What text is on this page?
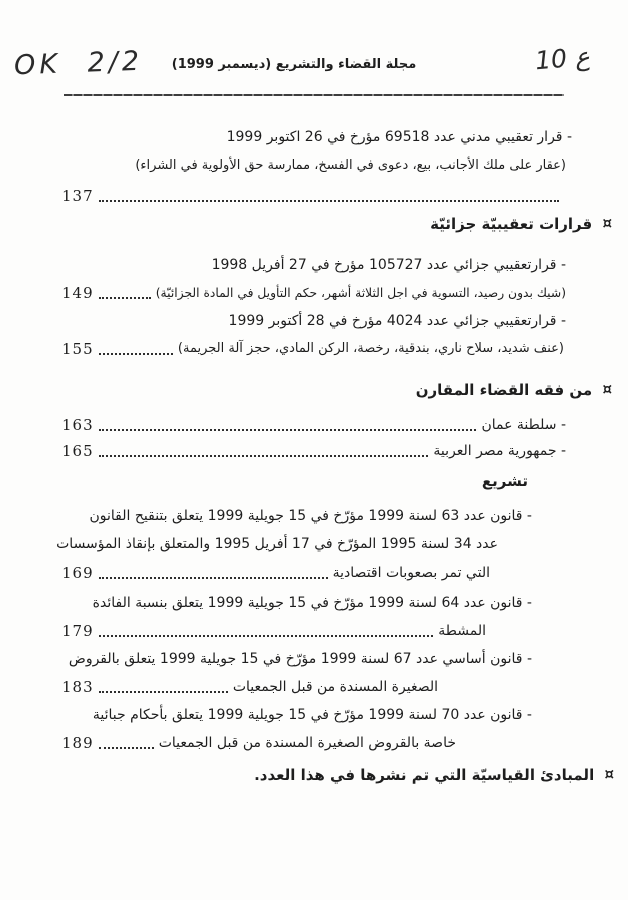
OK 2/2	مجلة القضاء والتشريع (ديسمبر 1999)	ع 10
- قرار تعقيبي مدني عدد 69518 مؤرخ في 26 اكتوبر 1999
(عقار على ملك الأجانب، بيع، دعوى في الفسخ، ممارسة حق الأولوية في الشراء)
137
¤ قرارات تعقيبيّة جزائيّة
- قرارتعقيبي جزائي عدد 105727 مؤرخ في 27 أفريل 1998
(شيك بدون رصيد، التسوية في اجل الثلاثة أشهر، حكم التأويل في المادة الجزائيّة)
149
- قرارتعقيبي جزائي عدد 4024 مؤرخ في 28 أكتوبر 1999
(عنف شديد، سلاح ناري، بندقية، رخصة، الركن المادي، حجز آلة الجريمة)
155
¤ من فقه القضاء المقارن
- سلطنة عمان
163
- جمهورية مصر العربية
165
تشريع
- قانون عدد 63 لسنة 1999 مؤرّخ في 15 جويلية 1999 يتعلق بتنقيح القانون
عدد 34 لسنة 1995 المؤرّخ في 17 أفريل 1995 والمتعلق بإنقاذ المؤسسات
التي تمر بصعوبات اقتصادية
169
- قانون عدد 64 لسنة 1999 مؤرّخ في 15 جويلية 1999 يتعلق بنسبة الفائدة
المشطة
179
- قانون أساسي عدد 67 لسنة 1999 مؤرّخ في 15 جويلية 1999 يتعلق بالقروض
الصغيرة المسندة من قبل الجمعيات
183
- قانون عدد 70 لسنة 1999 مؤرّخ في 15 جويلية 1999 يتعلق بأحكام جبائية
خاصة بالقروض الصغيرة المسندة من قبل الجمعيات
189
¤ المبادئ القياسيّة التي تم نشرها في هذا العدد.
